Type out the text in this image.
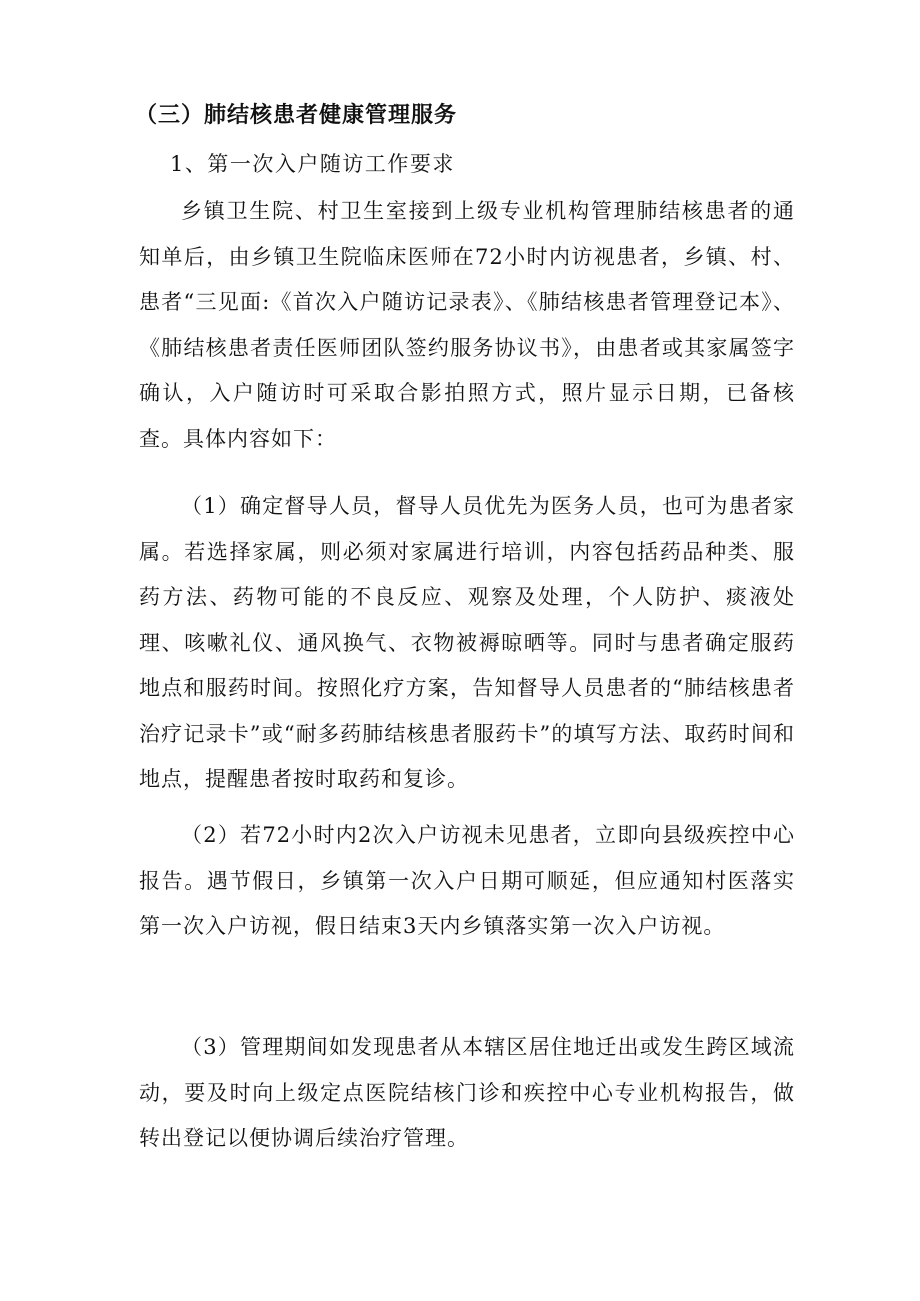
（三）肺结核患者健康管理服务
1、第一次入户随访工作要求

乡镇卫生院、村卫生室接到上级专业机构管理肺结核患者的通知单后，由乡镇卫生院临床医师在72小时内访视患者，乡镇、村、患者“三见面:《首次入户随访记录表》、《肺结核患者管理登记本》、《肺结核患者责任医师团队签约服务协议书》，由患者或其家属签字确认，入户随访时可采取合影拍照方式，照片显示日期，已备核查。具体内容如下：

（1）确定督导人员，督导人员优先为医务人员，也可为患者家属。若选择家属，则必须对家属进行培训，内容包括药品种类、服药方法、药物可能的不良反应、观察及处理，个人防护、痰液处理、咳嗽礼仪、通风换气、衣物被褥晾晒等。同时与患者确定服药地点和服药时间。按照化疗方案，告知督导人员患者的“肺结核患者治疗记录卡”或“耐多药肺结核患者服药卡”的填写方法、取药时间和地点，提醒患者按时取药和复诊。

（2）若72小时内2次入户访视未见患者，立即向县级疾控中心报告。遇节假日，乡镇第一次入户日期可顺延，但应通知村医落实第一次入户访视，假日结束3天内乡镇落实第一次入户访视。

（3）管理期间如发现患者从本辖区居住地迁出或发生跨区域流动，要及时向上级定点医院结核门诊和疾控中心专业机构报告，做转出登记以便协调后续治疗管理。
